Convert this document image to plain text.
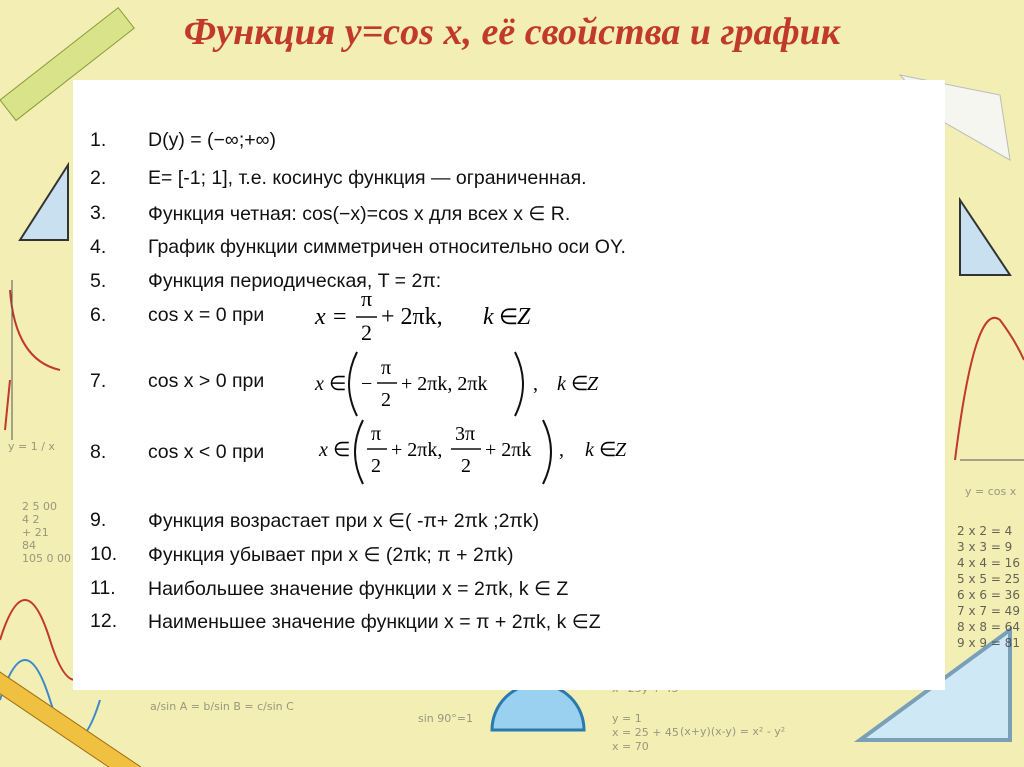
y = 1 / x
y = cos x
2 x 2 = 4
3 x 3 = 9
4 x 4 = 16
5 x 5 = 25
6 x 6 = 36
7 x 7 = 49
8 x 8 = 64
9 x 9 = 81
2 5 00
4 2
+ 21
84
105 0 00
a/sin A = b/sin B = c/sin C
sin 90°=1	y = 1
x = 25 + 45
x = 70
(x+y)(x-y) = x² - y²
Функция y=cos x, её свойства и график
1.	D(y) = (−∞;+∞)
2.	E= [-1; 1], т.е. косинус функция — ограниченная.
3.	Функция четная: cos(−x)=cos x для всех x ∈ R.
4.	График функции симметричен относительно оси OY.
5.	Функция периодическая, T = 2π:
6.	cos x = 0 при
7.	cos x > 0 при
8.	cos x < 0 при
9.	Функция возрастает при x ∈( -π+ 2πk ;2πk)
10.	Функция убывает при x ∈ (2πk; π + 2πk)
11.	Наибольшее значение функции x = 2πk, k ∈ Z
12.	Наименьшее значение функции x = π + 2πk, k ∈Z
x =
π
2
+ 2πk, k ∈
Z
x ∈ −
π
2
+ 2πk, 2πk , k ∈
Z
x ∈
π
2
+ 2πk,
3π
2
+ 2πk , k ∈
Z
